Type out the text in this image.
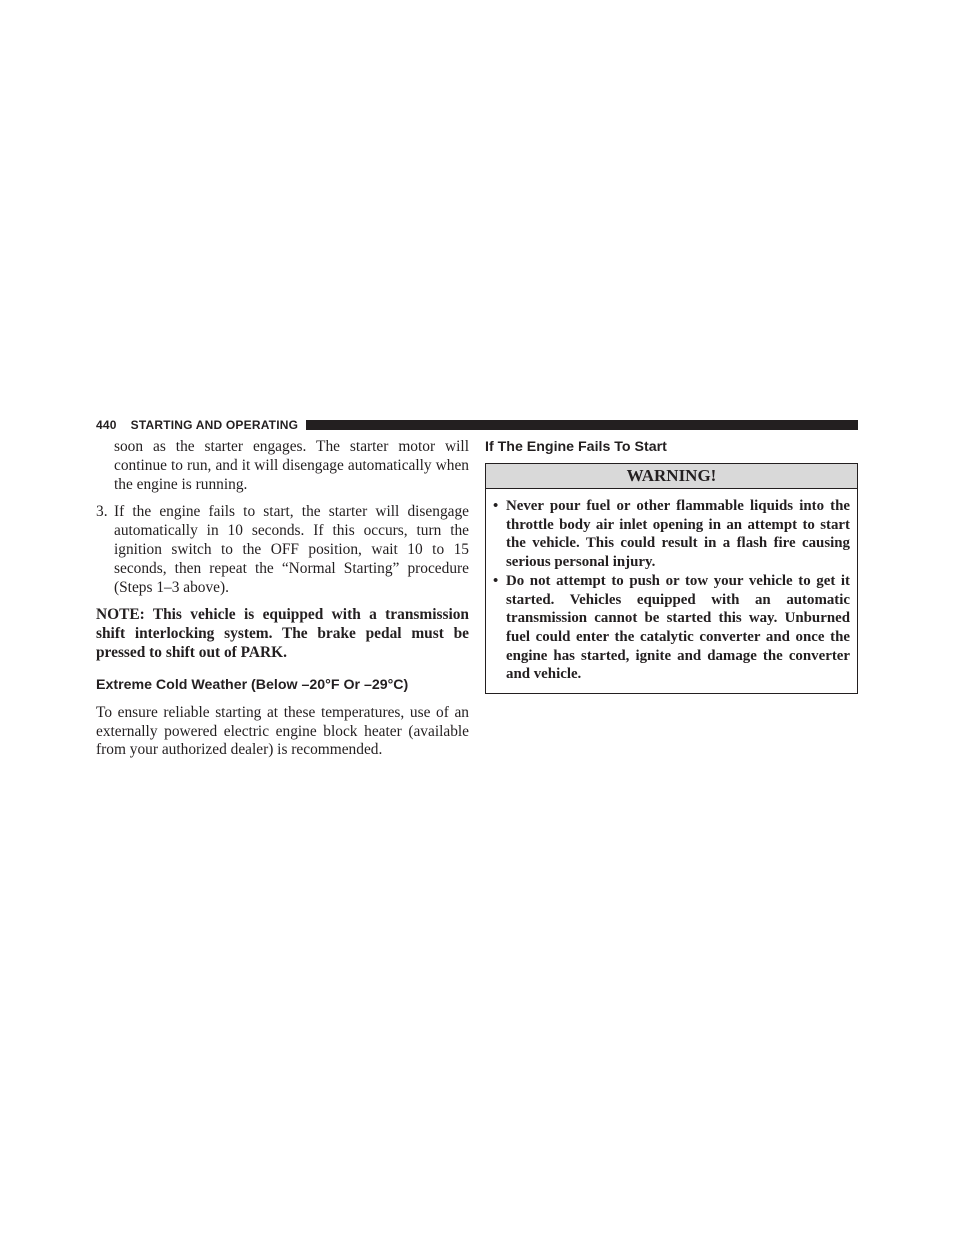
440 STARTING AND OPERATING

soon as the starter engages. The starter motor will continue to run, and it will disengage automatically when the engine is running.

3. If the engine fails to start, the starter will disengage automatically in 10 seconds. If this occurs, turn the ignition switch to the OFF position, wait 10 to 15 seconds, then repeat the “Normal Starting” procedure (Steps 1–3 above).

NOTE: This vehicle is equipped with a transmission shift interlocking system. The brake pedal must be pressed to shift out of PARK.

Extreme Cold Weather (Below –20°F Or –29°C)

To ensure reliable starting at these temperatures, use of an externally powered electric engine block heater (available from your authorized dealer) is recommended.

If The Engine Fails To Start
WARNING!
• Never pour fuel or other flammable liquids into the throttle body air inlet opening in an attempt to start the vehicle. This could result in a flash fire causing serious personal injury.
• Do not attempt to push or tow your vehicle to get it started. Vehicles equipped with an automatic transmission cannot be started this way. Unburned fuel could enter the catalytic converter and once the engine has started, ignite and damage the converter and vehicle.
